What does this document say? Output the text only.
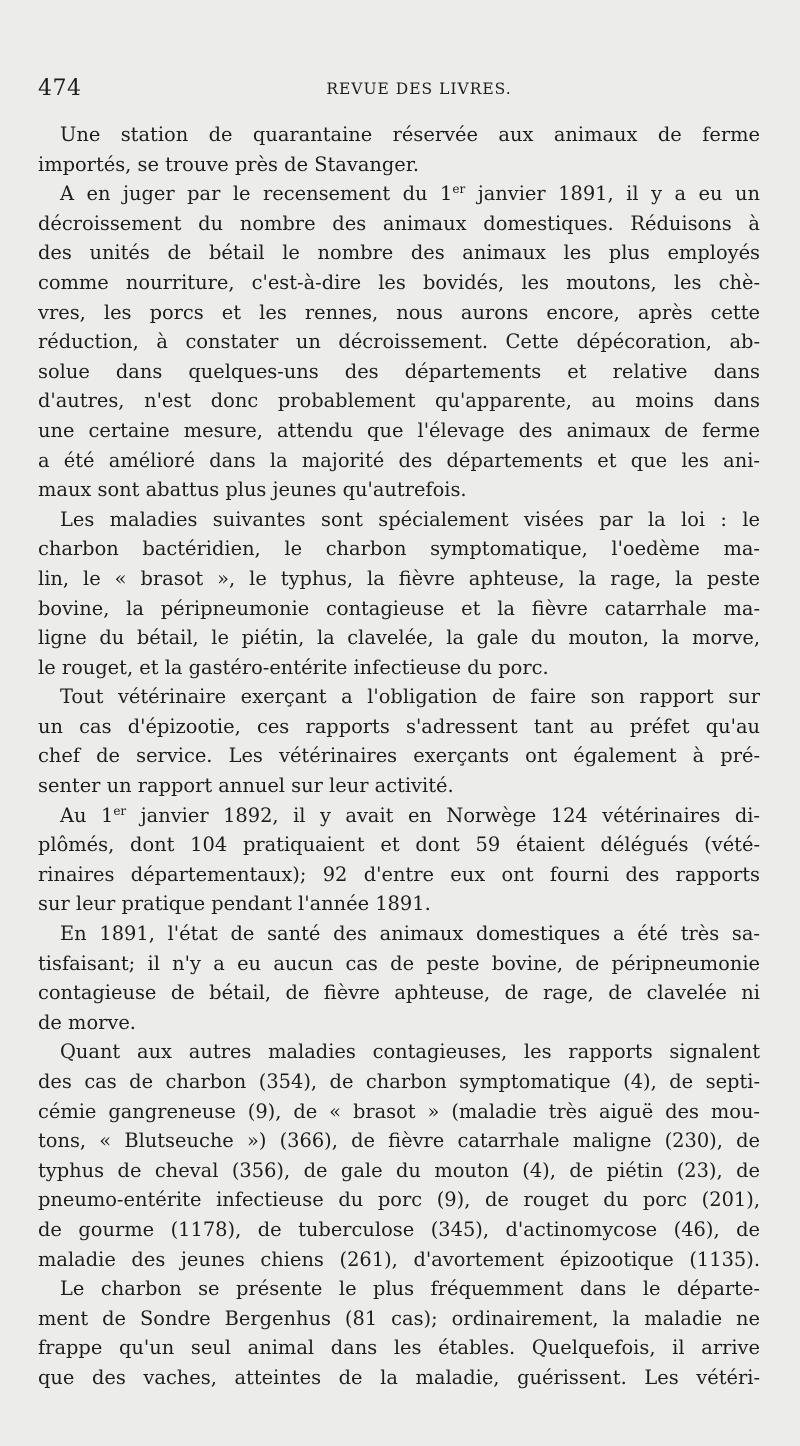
474	REVUE DES LIVRES.
Une station de quarantaine réservée aux animaux de ferme
importés, se trouve près de Stavanger.
A en juger par le recensement du 1er janvier 1891, il y a eu un
décroissement du nombre des animaux domestiques. Réduisons à
des unités de bétail le nombre des animaux les plus employés
comme nourriture, c'est-à-dire les bovidés, les moutons, les chè-
vres, les porcs et les rennes, nous aurons encore, après cette
réduction, à constater un décroissement. Cette dépécoration, ab-
solue dans quelques-uns des départements et relative dans
d'autres, n'est donc probablement qu'apparente, au moins dans
une certaine mesure, attendu que l'élevage des animaux de ferme
a été amélioré dans la majorité des départements et que les ani-
maux sont abattus plus jeunes qu'autrefois.
Les maladies suivantes sont spécialement visées par la loi : le
charbon bactéridien, le charbon symptomatique, l'oedème ma-
lin, le « brasot », le typhus, la fièvre aphteuse, la rage, la peste
bovine, la péripneumonie contagieuse et la fièvre catarrhale ma-
ligne du bétail, le piétin, la clavelée, la gale du mouton, la morve,
le rouget, et la gastéro-entérite infectieuse du porc.
Tout vétérinaire exerçant a l'obligation de faire son rapport sur
un cas d'épizootie, ces rapports s'adressent tant au préfet qu'au
chef de service. Les vétérinaires exerçants ont également à pré-
senter un rapport annuel sur leur activité.
Au 1er janvier 1892, il y avait en Norwège 124 vétérinaires di-
plômés, dont 104 pratiquaient et dont 59 étaient délégués (vété-
rinaires départementaux); 92 d'entre eux ont fourni des rapports
sur leur pratique pendant l'année 1891.
En 1891, l'état de santé des animaux domestiques a été très sa-
tisfaisant; il n'y a eu aucun cas de peste bovine, de péripneumonie
contagieuse de bétail, de fièvre aphteuse, de rage, de clavelée ni
de morve.
Quant aux autres maladies contagieuses, les rapports signalent
des cas de charbon (354), de charbon symptomatique (4), de septi-
cémie gangreneuse (9), de « brasot » (maladie très aiguë des mou-
tons, « Blutseuche ») (366), de fièvre catarrhale maligne (230), de
typhus de cheval (356), de gale du mouton (4), de piétin (23), de
pneumo-entérite infectieuse du porc (9), de rouget du porc (201),
de gourme (1178), de tuberculose (345), d'actinomycose (46), de
maladie des jeunes chiens (261), d'avortement épizootique (1135).
Le charbon se présente le plus fréquemment dans le départe-
ment de Sondre Bergenhus (81 cas); ordinairement, la maladie ne
frappe qu'un seul animal dans les étables. Quelquefois, il arrive
que des vaches, atteintes de la maladie, guérissent. Les vétéri-
